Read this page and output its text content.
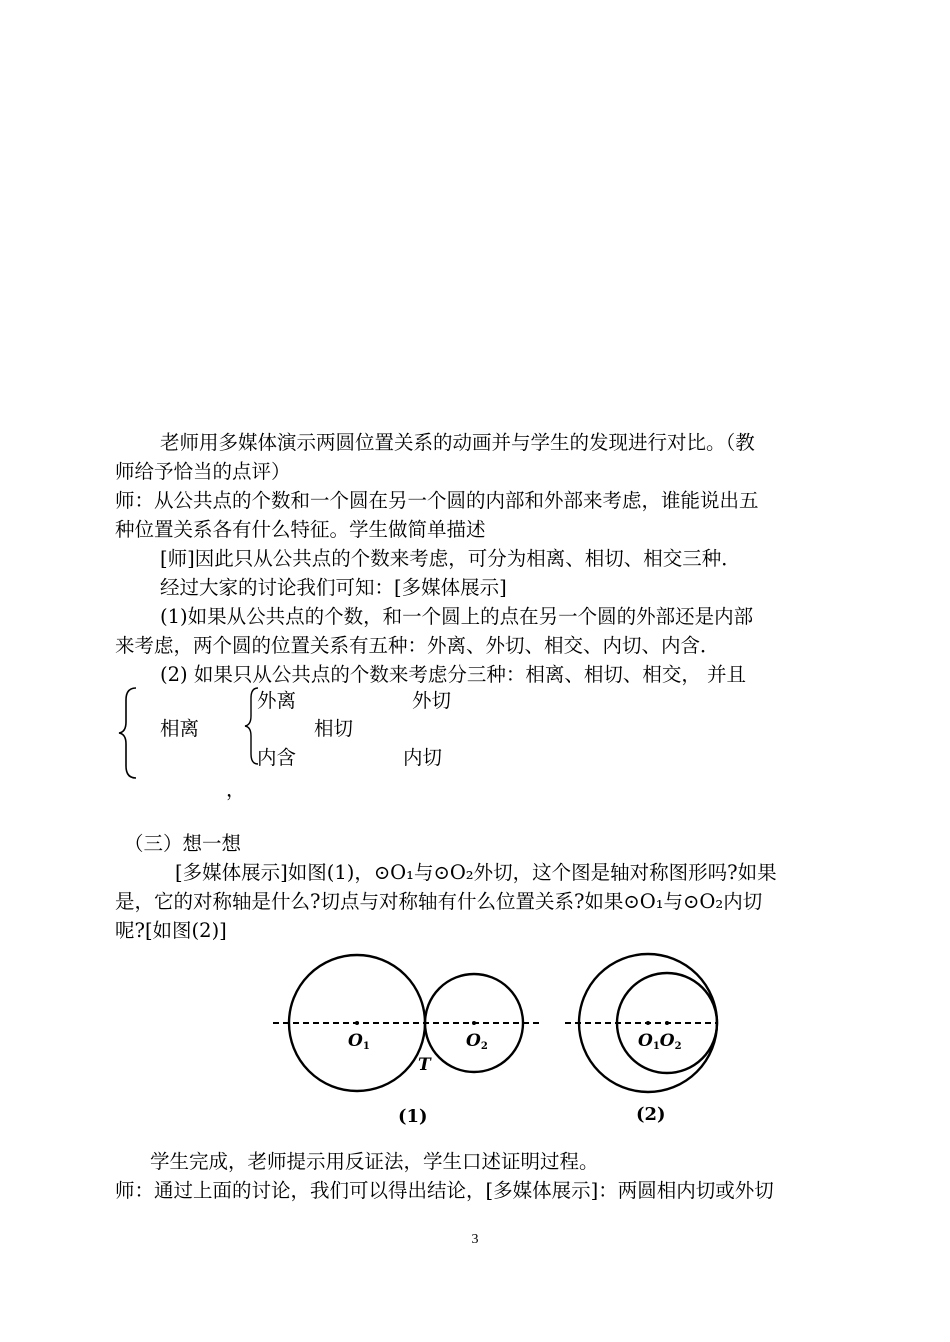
老师用多媒体演示两圆位置关系的动画并与学生的发现进行对比。（教
师给予恰当的点评）
师：从公共点的个数和一个圆在另一个圆的内部和外部来考虑，谁能说出五
种位置关系各有什么特征。学生做简单描述
[师]因此只从公共点的个数来考虑，可分为相离、相切、相交三种．
经过大家的讨论我们可知：[多媒体展示]
(1)如果从公共点的个数，和一个圆上的点在另一个圆的外部还是内部
来考虑，两个圆的位置关系有五种：外离、外切、相交、内切、内含．
(2) 如果只从公共点的个数来考虑分三种：相离、相切、相交， 并且
相离
外离
内含
相切
外切
内切
，
（三）想一想
[多媒体展示]如图(1)，⊙O₁与⊙O₂外切，这个图是轴对称图形吗?如果
是，它的对称轴是什么?切点与对称轴有什么位置关系?如果⊙O₁与⊙O₂内切
呢?[如图(2)]
O1	O2
T
(1)
O1O2
(2)
学生完成，老师提示用反证法，学生口述证明过程。
师：通过上面的讨论，我们可以得出结论，[多媒体展示]：两圆相内切或外切
3
